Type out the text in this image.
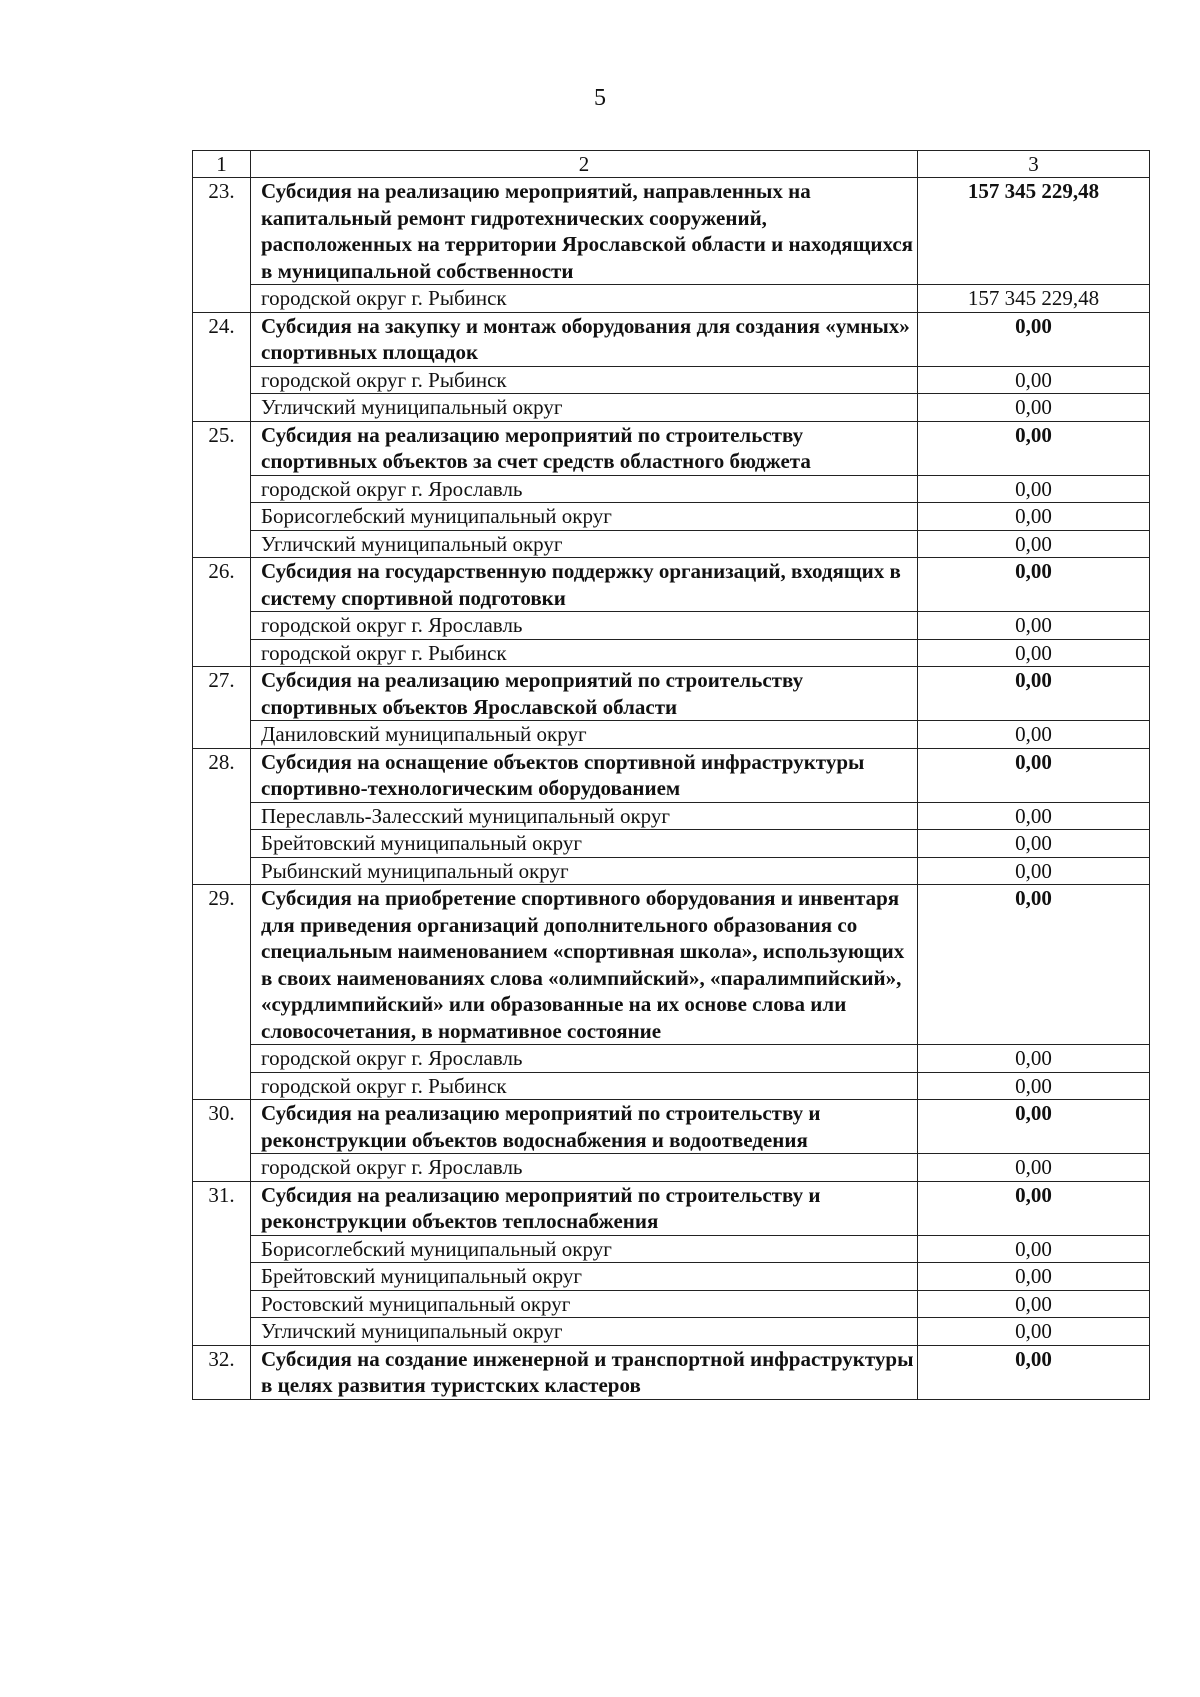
5
1	2	3
23.	Субсидия на реализацию мероприятий, направленных на капитальный ремонт гидротехнических сооружений, расположенных на территории Ярославской области и находящихся в муниципальной собственности	157 345 229,48
	городской округ г. Рыбинск	157 345 229,48
24.	Субсидия на закупку и монтаж оборудования для создания «умных» спортивных площадок	0,00
	городской округ г. Рыбинск	0,00
	Угличский муниципальный округ	0,00
25.	Субсидия на реализацию мероприятий по строительству спортивных объектов за счет средств областного бюджета	0,00
	городской округ г. Ярославль	0,00
	Борисоглебский муниципальный округ	0,00
	Угличский муниципальный округ	0,00
26.	Субсидия на государственную поддержку организаций, входящих в систему спортивной подготовки	0,00
	городской округ г. Ярославль	0,00
	городской округ г. Рыбинск	0,00
27.	Субсидия на реализацию мероприятий по строительству спортивных объектов Ярославской области	0,00
	Даниловский муниципальный округ	0,00
28.	Субсидия на оснащение объектов спортивной инфраструктуры спортивно-технологическим оборудованием	0,00
	Переславль-Залесский муниципальный округ	0,00
	Брейтовский муниципальный округ	0,00
	Рыбинский муниципальный округ	0,00
29.	Субсидия на приобретение спортивного оборудования и инвентаря для приведения организаций дополнительного образования со специальным наименованием «спортивная школа», использующих в своих наименованиях слова «олимпийский», «паралимпийский», «сурдлимпийский» или образованные на их основе слова или словосочетания, в нормативное состояние	0,00
	городской округ г. Ярославль	0,00
	городской округ г. Рыбинск	0,00
30.	Субсидия на реализацию мероприятий по строительству и реконструкции объектов водоснабжения и водоотведения	0,00
	городской округ г. Ярославль	0,00
31.	Субсидия на реализацию мероприятий по строительству и реконструкции объектов теплоснабжения	0,00
	Борисоглебский муниципальный округ	0,00
	Брейтовский муниципальный округ	0,00
	Ростовский муниципальный округ	0,00
	Угличский муниципальный округ	0,00
32.	Субсидия на создание инженерной и транспортной инфраструктуры в целях развития туристских кластеров	0,00
